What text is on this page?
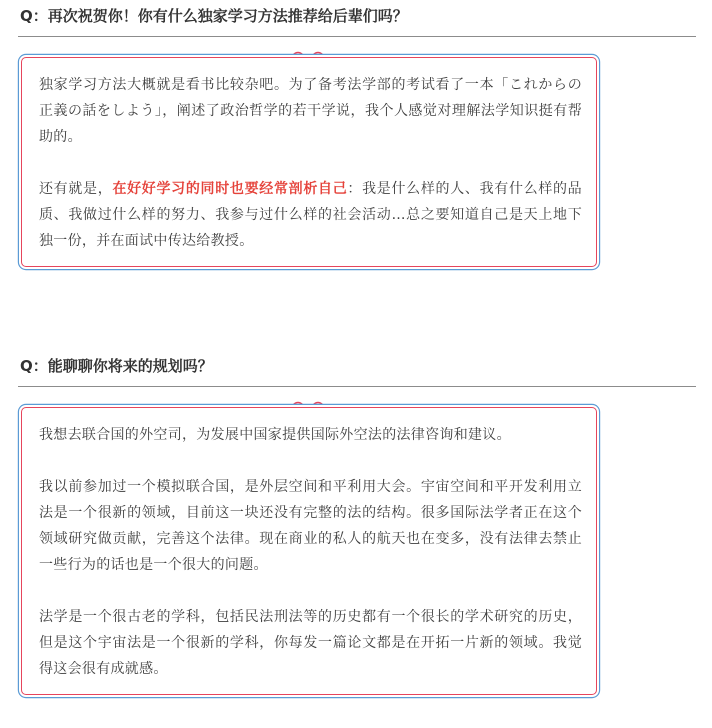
Q：再次祝贺你！你有什么独家学习方法推荐给后辈们吗？

独家学习方法大概就是看书比较杂吧。为了备考法学部的考试看了一本「これからの正義の話をしよう」，阐述了政治哲学的若干学说，我个人感觉对理解法学知识挺有帮助的。

还有就是，在好好学习的同时也要经常剖析自己：我是什么样的人、我有什么样的品质、我做过什么样的努力、我参与过什么样的社会活动…总之要知道自己是天上地下独一份，并在面试中传达给教授。

Q：能聊聊你将来的规划吗？

我想去联合国的外空司，为发展中国家提供国际外空法的法律咨询和建议。

我以前参加过一个模拟联合国，是外层空间和平利用大会。宇宙空间和平开发利用立法是一个很新的领域，目前这一块还没有完整的法的结构。很多国际法学者正在这个领域研究做贡献，完善这个法律。现在商业的私人的航天也在变多，没有法律去禁止一些行为的话也是一个很大的问题。

法学是一个很古老的学科，包括民法刑法等的历史都有一个很长的学术研究的历史，但是这个宇宙法是一个很新的学科，你每发一篇论文都是在开拓一片新的领域。我觉得这会很有成就感。
